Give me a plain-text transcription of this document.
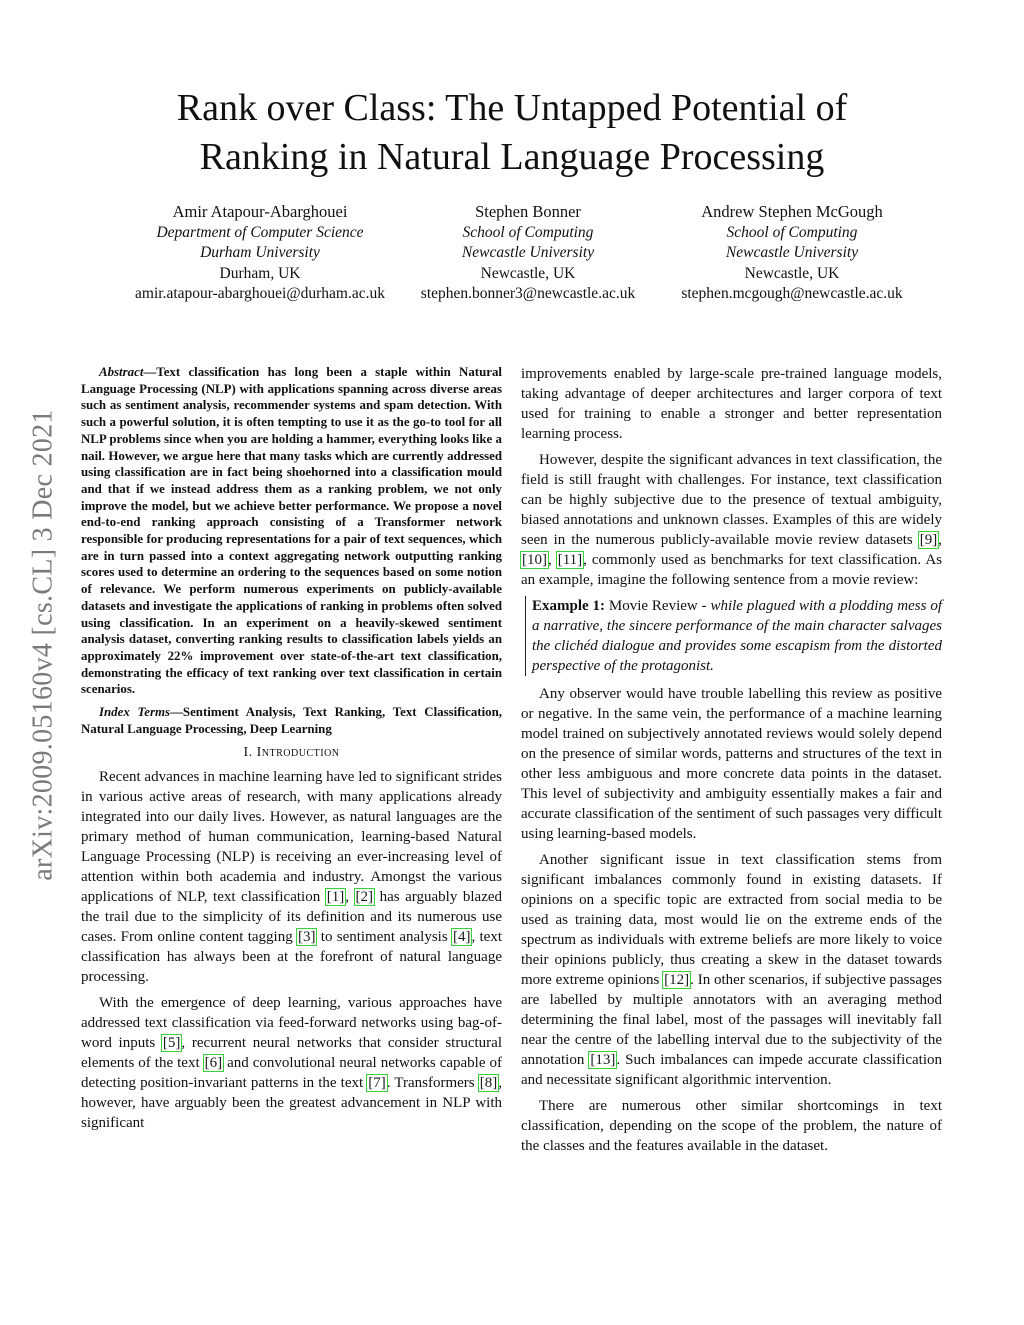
arXiv:2009.05160v4 [cs.CL] 3 Dec 2021
Rank over Class: The Untapped Potential of
Ranking in Natural Language Processing
Amir Atapour-Abarghouei
Department of Computer Science
Durham University
Durham, UK
amir.atapour-abarghouei@durham.ac.uk
Stephen Bonner
School of Computing
Newcastle University
Newcastle, UK
stephen.bonner3@newcastle.ac.uk
Andrew Stephen McGough
School of Computing
Newcastle University
Newcastle, UK
stephen.mcgough@newcastle.ac.uk

Abstract—Text classification has long been a staple within Natural Language Processing (NLP) with applications spanning across diverse areas such as sentiment analysis, recommender systems and spam detection. With such a powerful solution, it is often tempting to use it as the go-to tool for all NLP problems since when you are holding a hammer, everything looks like a nail. However, we argue here that many tasks which are currently addressed using classification are in fact being shoehorned into a classification mould and that if we instead address them as a ranking problem, we not only improve the model, but we achieve better performance. We propose a novel end-to-end ranking approach consisting of a Transformer network responsible for producing representations for a pair of text sequences, which are in turn passed into a context aggregating network outputting ranking scores used to determine an ordering to the sequences based on some notion of relevance. We perform numerous experiments on publicly-available datasets and investigate the applications of ranking in problems often solved using classification. In an experiment on a heavily-skewed sentiment analysis dataset, converting ranking results to classification labels yields an approximately 22% improvement over state-of-the-art text classification, demonstrating the efficacy of text ranking over text classification in certain scenarios.

Index Terms—Sentiment Analysis, Text Ranking, Text Classification, Natural Language Processing, Deep Learning

I. Introduction

Recent advances in machine learning have led to significant strides in various active areas of research, with many applications already integrated into our daily lives. However, as natural languages are the primary method of human communication, learning-based Natural Language Processing (NLP) is receiving an ever-increasing level of attention within both academia and industry. Amongst the various applications of NLP, text classification [1], [2] has arguably blazed the trail due to the simplicity of its definition and its numerous use cases. From online content tagging [3] to sentiment analysis [4], text classification has always been at the forefront of natural language processing.

With the emergence of deep learning, various approaches have addressed text classification via feed-forward networks using bag-of-word inputs [5], recurrent neural networks that consider structural elements of the text [6] and convolutional neural networks capable of detecting position-invariant patterns in the text [7]. Transformers [8], however, have arguably been the greatest advancement in NLP with significant

improvements enabled by large-scale pre-trained language models, taking advantage of deeper architectures and larger corpora of text used for training to enable a stronger and better representation learning process.

However, despite the significant advances in text classification, the field is still fraught with challenges. For instance, text classification can be highly subjective due to the presence of textual ambiguity, biased annotations and unknown classes. Examples of this are widely seen in the numerous publicly-available movie review datasets [9], [10], [11], commonly used as benchmarks for text classification. As an example, imagine the following sentence from a movie review:

Example 1: Movie Review - while plagued with a plodding mess of a narrative, the sincere performance of the main character salvages the clichéd dialogue and provides some escapism from the distorted perspective of the protagonist.

Any observer would have trouble labelling this review as positive or negative. In the same vein, the performance of a machine learning model trained on subjectively annotated reviews would solely depend on the presence of similar words, patterns and structures of the text in other less ambiguous and more concrete data points in the dataset. This level of subjectivity and ambiguity essentially makes a fair and accurate classification of the sentiment of such passages very difficult using learning-based models.

Another significant issue in text classification stems from significant imbalances commonly found in existing datasets. If opinions on a specific topic are extracted from social media to be used as training data, most would lie on the extreme ends of the spectrum as individuals with extreme beliefs are more likely to voice their opinions publicly, thus creating a skew in the dataset towards more extreme opinions [12]. In other scenarios, if subjective passages are labelled by multiple annotators with an averaging method determining the final label, most of the passages will inevitably fall near the centre of the labelling interval due to the subjectivity of the annotation [13]. Such imbalances can impede accurate classification and necessitate significant algorithmic intervention.

There are numerous other similar shortcomings in text classification, depending on the scope of the problem, the nature of the classes and the features available in the dataset.
